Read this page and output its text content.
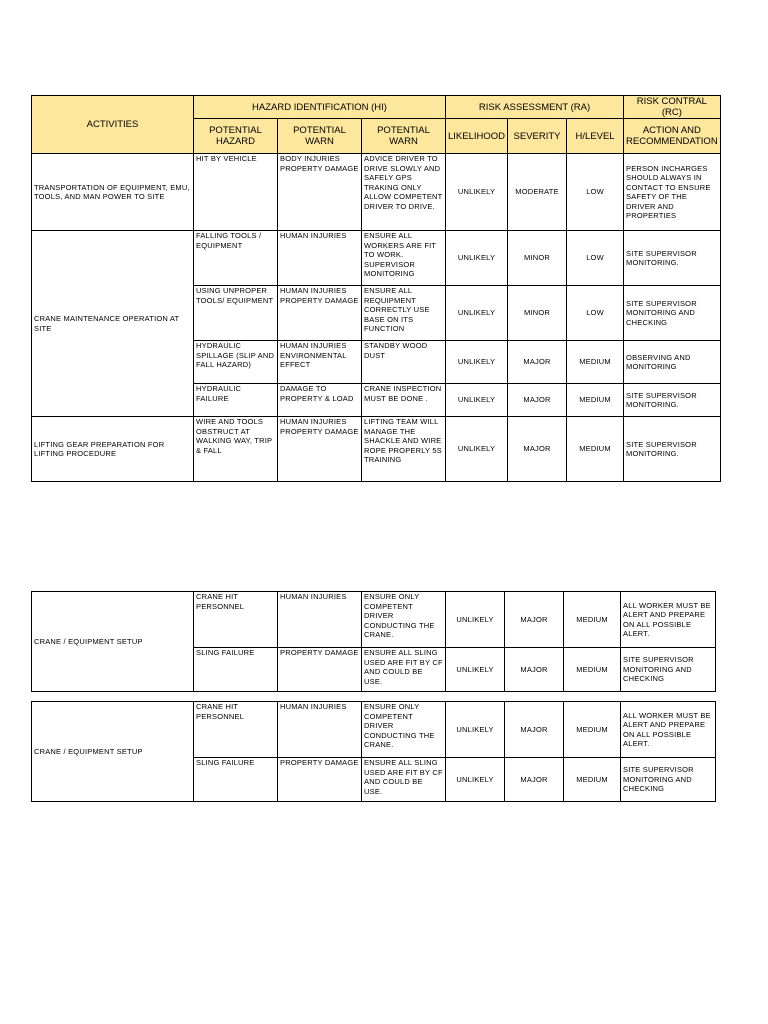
ACTIVITIES	HAZARD IDENTIFICATION (HI)			RISK ASSESSMENT (RA)			RISK CONTRAL (RC)
	POTENTIAL HAZARD	POTENTIAL WARN	POTENTIAL WARN	LIKELIHOOD	SEVERITY	H/LEVEL	ACTION AND RECOMMENDATION
TRANSPORTATION OF EQUIPMENT, EMU, TOOLS, AND MAN POWER TO SITE	HIT BY VEHICLE	BODY INJURIES PROPERTY DAMAGE	ADVICE DRIVER TO DRIVE SLOWLY AND SAFELY GPS TRAKING ONLY ALLOW COMPETENT DRIVER TO DRIVE.	UNLIKELY	MODERATE	LOW	PERSON INCHARGES SHOULD ALWAYS IN CONTACT TO ENSURE SAFETY OF THE DRIVER AND PROPERTIES
CRANE MAINTENANCE OPERATION AT SITE	FALLING TOOLS / EQUIPMENT	HUMAN INJURIES	ENSURE ALL WORKERS ARE FIT TO WORK. SUPERVISOR MONITORING	UNLIKELY	MINOR	LOW	SITE SUPERVISOR MONITORING.
	USING UNPROPER TOOLS/ EQUIPMENT	HUMAN INJURIES PROPERTY DAMAGE	ENSURE ALL REQUIPMENT CORRECTLY USE BASE ON ITS FUNCTION	UNLIKELY	MINOR	LOW	SITE SUPERVISOR MONITORING AND CHECKING
	HYDRAULIC SPILLAGE (SLIP AND FALL HAZARD)	HUMAN INJURIES ENVIRONMENTAL EFFECT	STANDBY WOOD DUST	UNLIKELY	MAJOR	MEDIUM	OBSERVING AND MONITORING
	HYDRAULIC FAILURE	DAMAGE TO PROPERTY & LOAD	CRANE INSPECTION MUST BE DONE .	UNLIKELY	MAJOR	MEDIUM	SITE SUPERVISOR MONITORING.
LIFTING GEAR PREPARATION FOR LIFTING PROCEDURE	WIRE AND TOOLS OBSTRUCT AT WALKING WAY, TRIP & FALL	HUMAN INJURIES PROPERTY DAMAGE	LIFTING TEAM WILL MANAGE THE SHACKLE AND WIRE ROPE PROPERLY 5S TRAINING	UNLIKELY	MAJOR	MEDIUM	SITE SUPERVISOR MONITORING.
CRANE / EQUIPMENT SETUP	CRANE HIT PERSONNEL	HUMAN INJURIES	ENSURE ONLY COMPETENT DRIVER CONDUCTING THE CRANE.	UNLIKELY	MAJOR	MEDIUM	ALL WORKER MUST BE ALERT AND PREPARE ON ALL POSSIBLE ALERT.
	SLING FAILURE	PROPERTY DAMAGE	ENSURE ALL SLING USED ARE FIT BY CF AND COULD BE USE.	UNLIKELY	MAJOR	MEDIUM	SITE SUPERVISOR MONITORING AND CHECKING
CRANE / EQUIPMENT SETUP	CRANE HIT PERSONNEL	HUMAN INJURIES	ENSURE ONLY COMPETENT DRIVER CONDUCTING THE CRANE.	UNLIKELY	MAJOR	MEDIUM	ALL WORKER MUST BE ALERT AND PREPARE ON ALL POSSIBLE ALERT.
	SLING FAILURE	PROPERTY DAMAGE	ENSURE ALL SLING USED ARE FIT BY CF AND COULD BE USE.	UNLIKELY	MAJOR	MEDIUM	SITE SUPERVISOR MONITORING AND CHECKING
